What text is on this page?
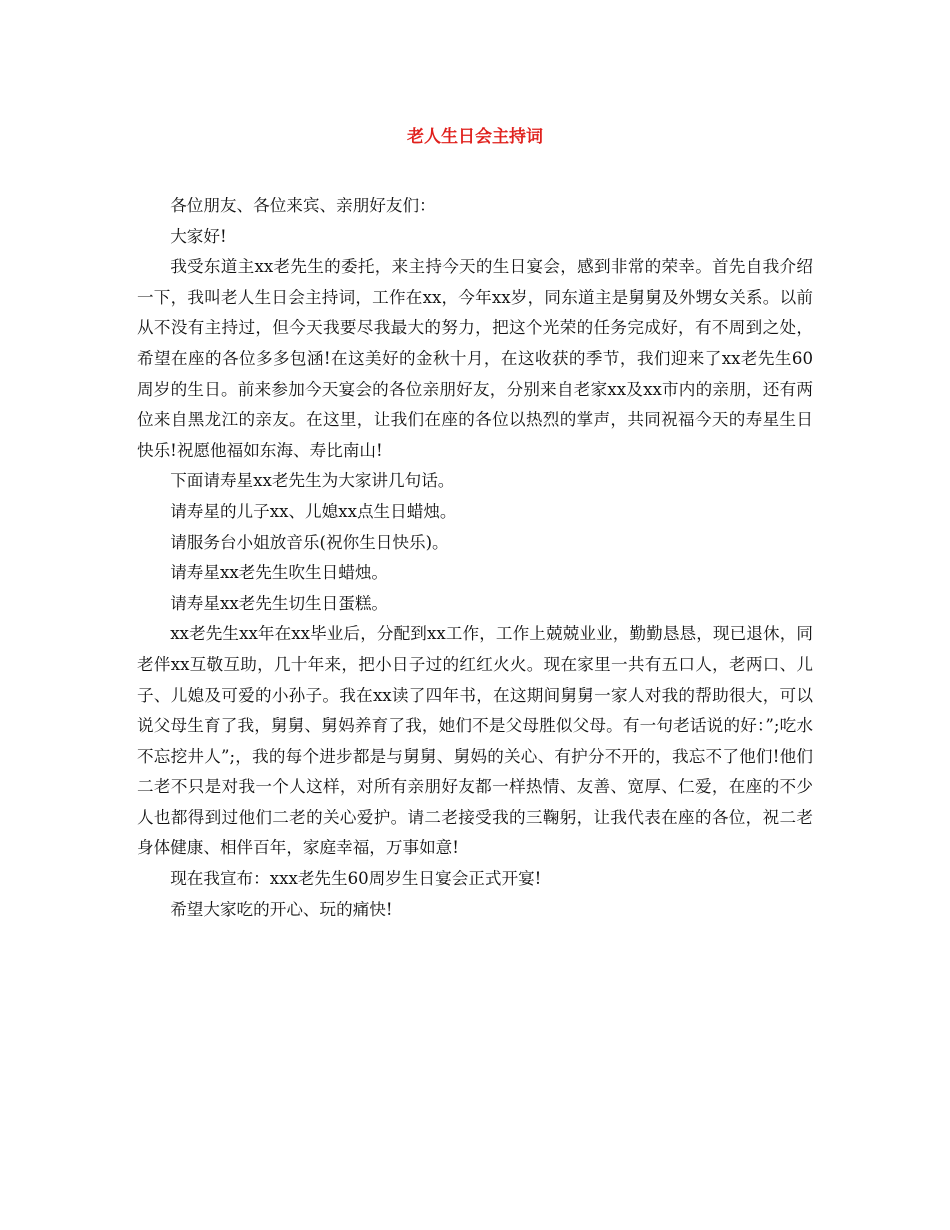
老人生日会主持词

各位朋友、各位来宾、亲朋好友们：

大家好!

我受东道主xx老先生的委托，来主持今天的生日宴会，感到非常的荣幸。首先自我介绍一下，我叫老人生日会主持词，工作在xx，今年xx岁，同东道主是舅舅及外甥女关系。以前从不没有主持过，但今天我要尽我最大的努力，把这个光荣的任务完成好，有不周到之处，希望在座的各位多多包涵!在这美好的金秋十月，在这收获的季节，我们迎来了xx老先生60周岁的生日。前来参加今天宴会的各位亲朋好友，分别来自老家xx及xx市内的亲朋，还有两位来自黑龙江的亲友。在这里，让我们在座的各位以热烈的掌声，共同祝福今天的寿星生日快乐!祝愿他福如东海、寿比南山!

下面请寿星xx老先生为大家讲几句话。

请寿星的儿子xx、儿媳xx点生日蜡烛。

请服务台小姐放音乐(祝你生日快乐)。

请寿星xx老先生吹生日蜡烛。

请寿星xx老先生切生日蛋糕。

xx老先生xx年在xx毕业后，分配到xx工作，工作上兢兢业业，勤勤恳恳，现已退休，同老伴xx互敬互助，几十年来，把小日子过的红红火火。现在家里一共有五口人，老两口、儿子、儿媳及可爱的小孙子。我在xx读了四年书，在这期间舅舅一家人对我的帮助很大，可以说父母生育了我，舅舅、舅妈养育了我，她们不是父母胜似父母。有一句老话说的好：”;吃水不忘挖井人”;，我的每个进步都是与舅舅、舅妈的关心、有护分不开的，我忘不了他们!他们二老不只是对我一个人这样，对所有亲朋好友都一样热情、友善、宽厚、仁爱，在座的不少人也都得到过他们二老的关心爱护。请二老接受我的三鞠躬，让我代表在座的各位，祝二老身体健康、相伴百年，家庭幸福，万事如意!

现在我宣布：xxx老先生60周岁生日宴会正式开宴!

希望大家吃的开心、玩的痛快!
